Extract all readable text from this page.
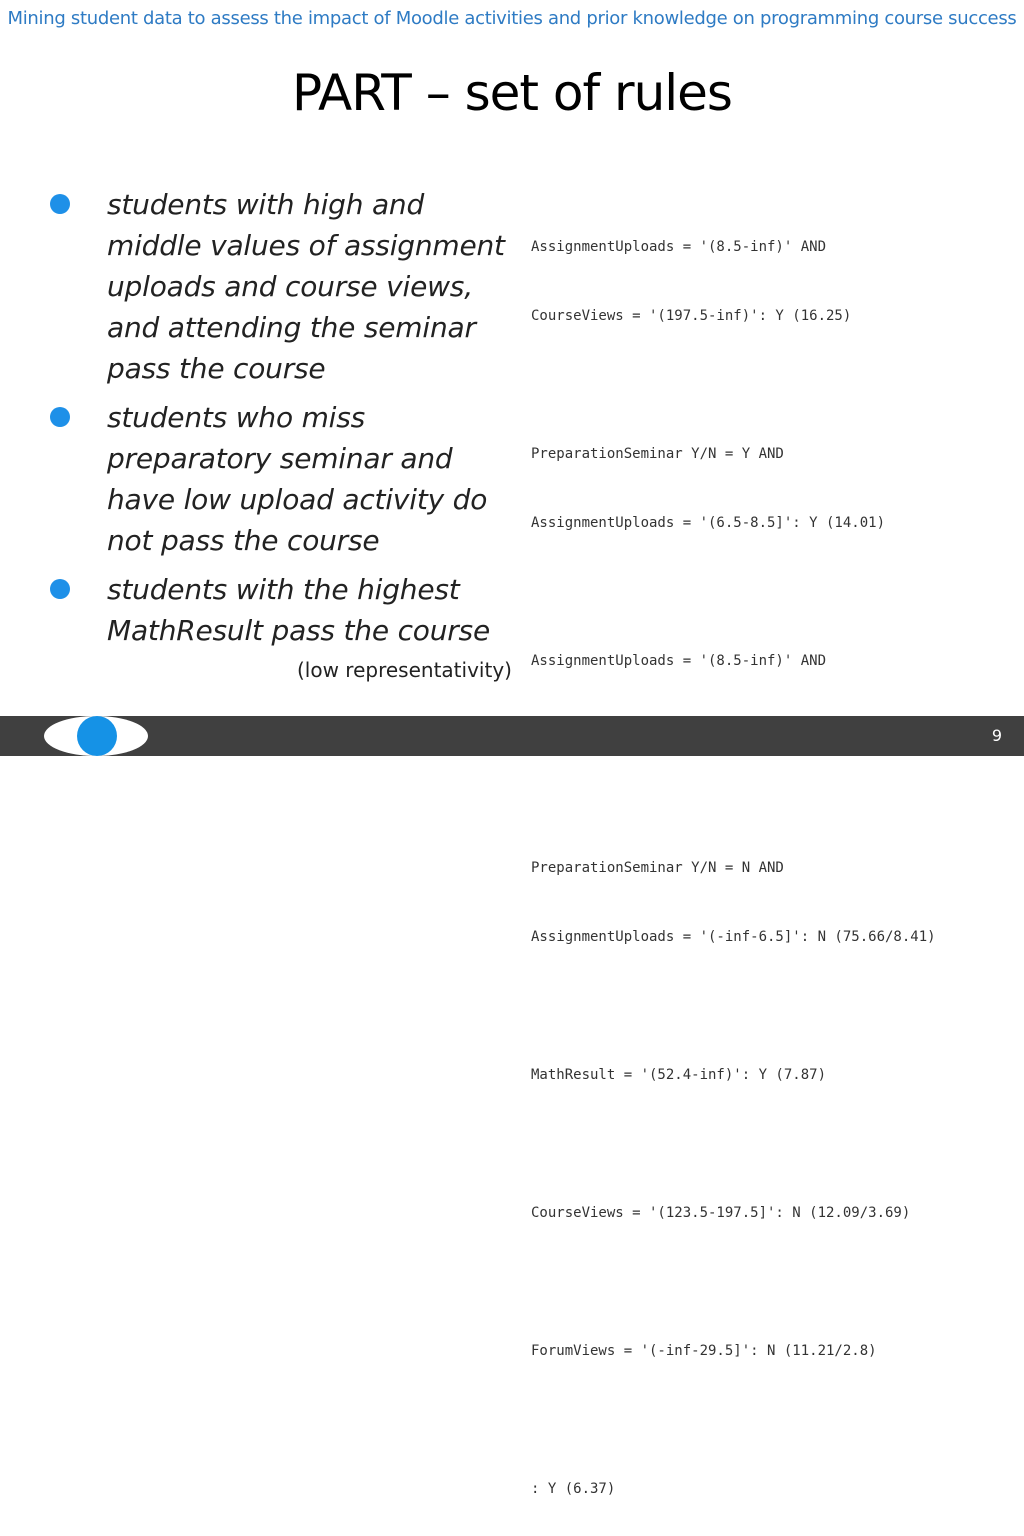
Mining student data to assess the impact of Moodle activities and prior knowledge on programming course success
PART – set of rules
students with high and middle values of assignment uploads and course views, and attending the seminar pass the course
students who miss preparatory seminar and have low upload activity do not pass the course
students with the highest MathResult pass the course
(low representativity)

AssignmentUploads = '(8.5-inf)' AND

CourseViews = '(197.5-inf)': Y (16.25)

PreparationSeminar Y/N = Y AND

AssignmentUploads = '(6.5-8.5]': Y (14.01)

AssignmentUploads = '(8.5-inf)' AND

PreparationSeminar Y/N = N AND

AssignmentUploads = '(-inf-6.5]': N (75.66/8.41)

MathResult = '(52.4-inf)': Y (7.87)

CourseViews = '(123.5-197.5]': N (12.09/3.69)

ForumViews = '(-inf-29.5]': N (11.21/2.8)

: Y (6.37)

9
